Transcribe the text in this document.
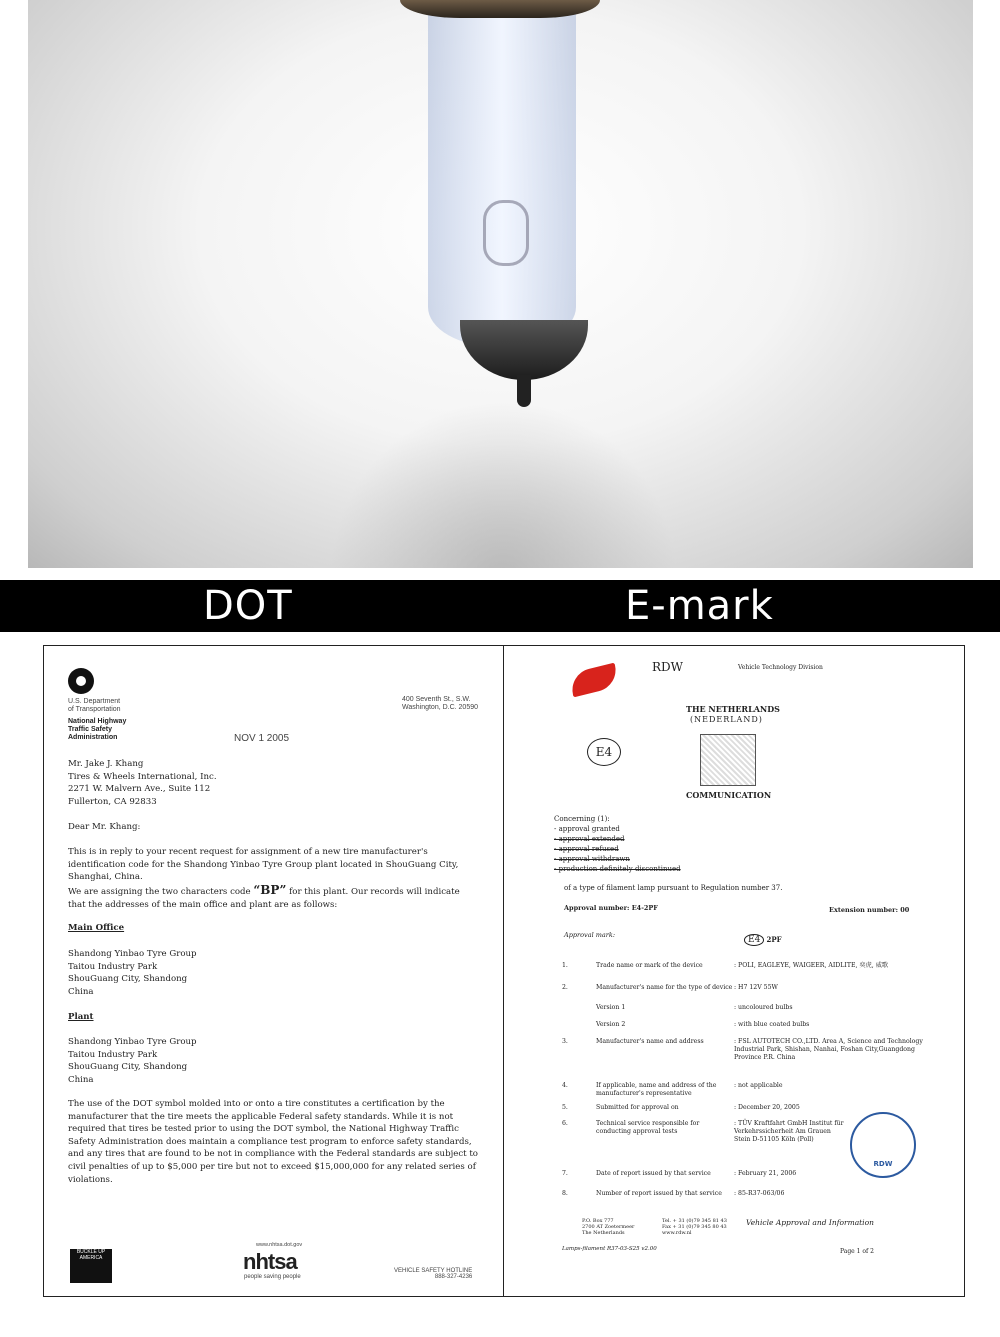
DOT	E-mark
U.S. Department
of Transportation
National Highway
Traffic Safety
Administration
400 Seventh St., S.W.
Washington, D.C. 20590
NOV 1 2005
Mr. Jake J. Khang
Tires & Wheels International, Inc.
2271 W. Malvern Ave., Suite 112
Fullerton, CA 92833
Dear Mr. Khang:
This is in reply to your recent request for assignment of a new tire manufacturer's identification code for the Shandong Yinbao Tyre Group plant located in ShouGuang City, Shanghai, China.
We are assigning the two characters code “BP” for this plant. Our records will indicate that the addresses of the main office and plant are as follows:
Main Office
Shandong Yinbao Tyre Group
Taitou Industry Park
ShouGuang City, Shandong
China
Plant
Shandong Yinbao Tyre Group
Taitou Industry Park
ShouGuang City, Shandong
China
The use of the DOT symbol molded into or onto a tire constitutes a certification by the manufacturer that the tire meets the applicable Federal safety standards. While it is not required that tires be tested prior to using the DOT symbol, the National Highway Traffic Safety Administration does maintain a compliance test program to enforce safety standards, and any tires that are found to be not in compliance with the Federal standards are subject to civil penalties of up to $5,000 per tire but not to exceed $15,000,000 for any related series of violations.
BUCKLE UP AMERICA
www.nhtsa.dot.gov
nhtsa
people saving people
VEHICLE SAFETY HOTLINE
888-327-4236
RDW	Vehicle Technology Division
THE NETHERLANDS
(NEDERLAND)
E4
COMMUNICATION
Concerning (1):
- approval granted
- approval extended
- approval refused
- approval withdrawn
- production definitely discontinued
of a type of filament lamp pursuant to Regulation number 37.
Approval number: E4-2PF	Extension number: 00
Approval mark:	E4 2PF
1.	Trade name or mark of the device	: POLI, EAGLEYE, WAIGEER, AIDLITE, 奕虎, 威歌
2.	Manufacturer's name for the type of device : H7 12V 55W
Version 1	: uncoloured bulbs
Version 2	: with blue coated bulbs
3.	Manufacturer's name and address	: FSL AUTOTECH CO.,LTD. Area A, Science and Technology Industrial Park, Shishan, Nanhai, Foshan City,Guangdong Province P.R. China
4.	If applicable, name and address of the manufacturer's representative
: not applicable
5.	Submitted for approval on	: December 20, 2005
6.	Technical service responsible for conducting approval tests
: TÜV Kraftfahrt GmbH Institut für Verkehrssicherheit Am Grauen Stein D-51105 Köln (Poll)
7.	Date of report issued by that service	: February 21, 2006
8.	Number of report issued by that service	: 85-R37-063/06
RDW
P.O. Box 777
2700 AT Zoetermeer
The Netherlands
Tel. + 31 (0)79 345 81 43
Fax + 31 (0)79 345 80 43
www.rdw.nl
Vehicle Approval and Information
Lamps-filament R37-03-S25 v2.00	Page 1 of 2
